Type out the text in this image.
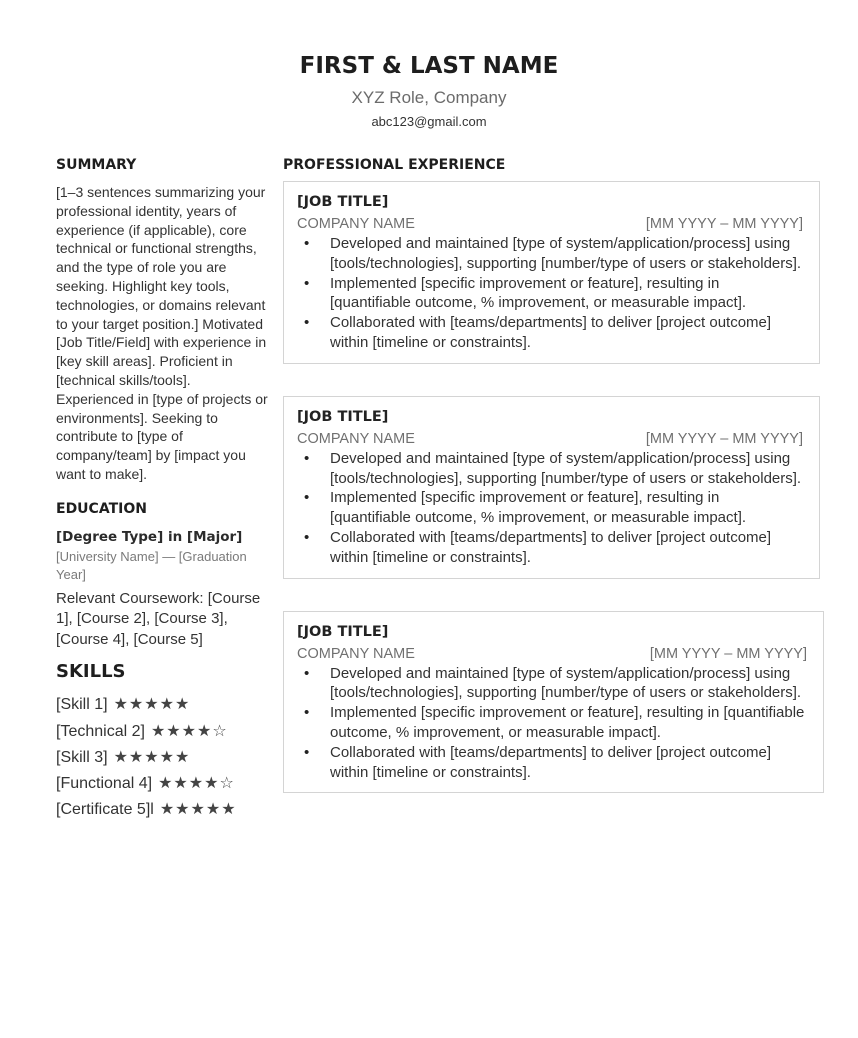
FIRST & LAST NAME
XYZ Role, Company
abc123@gmail.com
SUMMARY
[1–3 sentences summarizing your professional identity, years of experience (if applicable), core technical or functional strengths, and the type of role you are seeking. Highlight key tools, technologies, or domains relevant to your target position.] Motivated [Job Title/Field] with experience in [key skill areas]. Proficient in [technical skills/tools]. Experienced in [type of projects or environments]. Seeking to contribute to [type of company/team] by [impact you want to make].
EDUCATION
[Degree Type] in [Major]
[University Name] — [Graduation Year]
Relevant Coursework: [Course 1], [Course 2], [Course 3], [Course 4], [Course 5]
SKILLS
[Skill 1] ★★★★★
[Technical 2] ★★★★☆
[Skill 3] ★★★★★
[Functional 4] ★★★★☆
[Certificate 5]l ★★★★★
PROFESSIONAL EXPERIENCE
[JOB TITLE]
COMPANY NAME	[MM YYYY – MM YYYY]
• Developed and maintained [type of system/application/process] using [tools/technologies], supporting [number/type of users or stakeholders].
• Implemented [specific improvement or feature], resulting in [quantifiable outcome, % improvement, or measurable impact].
• Collaborated with [teams/departments] to deliver [project outcome] within [timeline or constraints].
[JOB TITLE]
COMPANY NAME	[MM YYYY – MM YYYY]
• Developed and maintained [type of system/application/process] using [tools/technologies], supporting [number/type of users or stakeholders].
• Implemented [specific improvement or feature], resulting in [quantifiable outcome, % improvement, or measurable impact].
• Collaborated with [teams/departments] to deliver [project outcome] within [timeline or constraints].
[JOB TITLE]
COMPANY NAME	[MM YYYY – MM YYYY]
• Developed and maintained [type of system/application/process] using [tools/technologies], supporting [number/type of users or stakeholders].
• Implemented [specific improvement or feature], resulting in [quantifiable outcome, % improvement, or measurable impact].
• Collaborated with [teams/departments] to deliver [project outcome] within [timeline or constraints].
